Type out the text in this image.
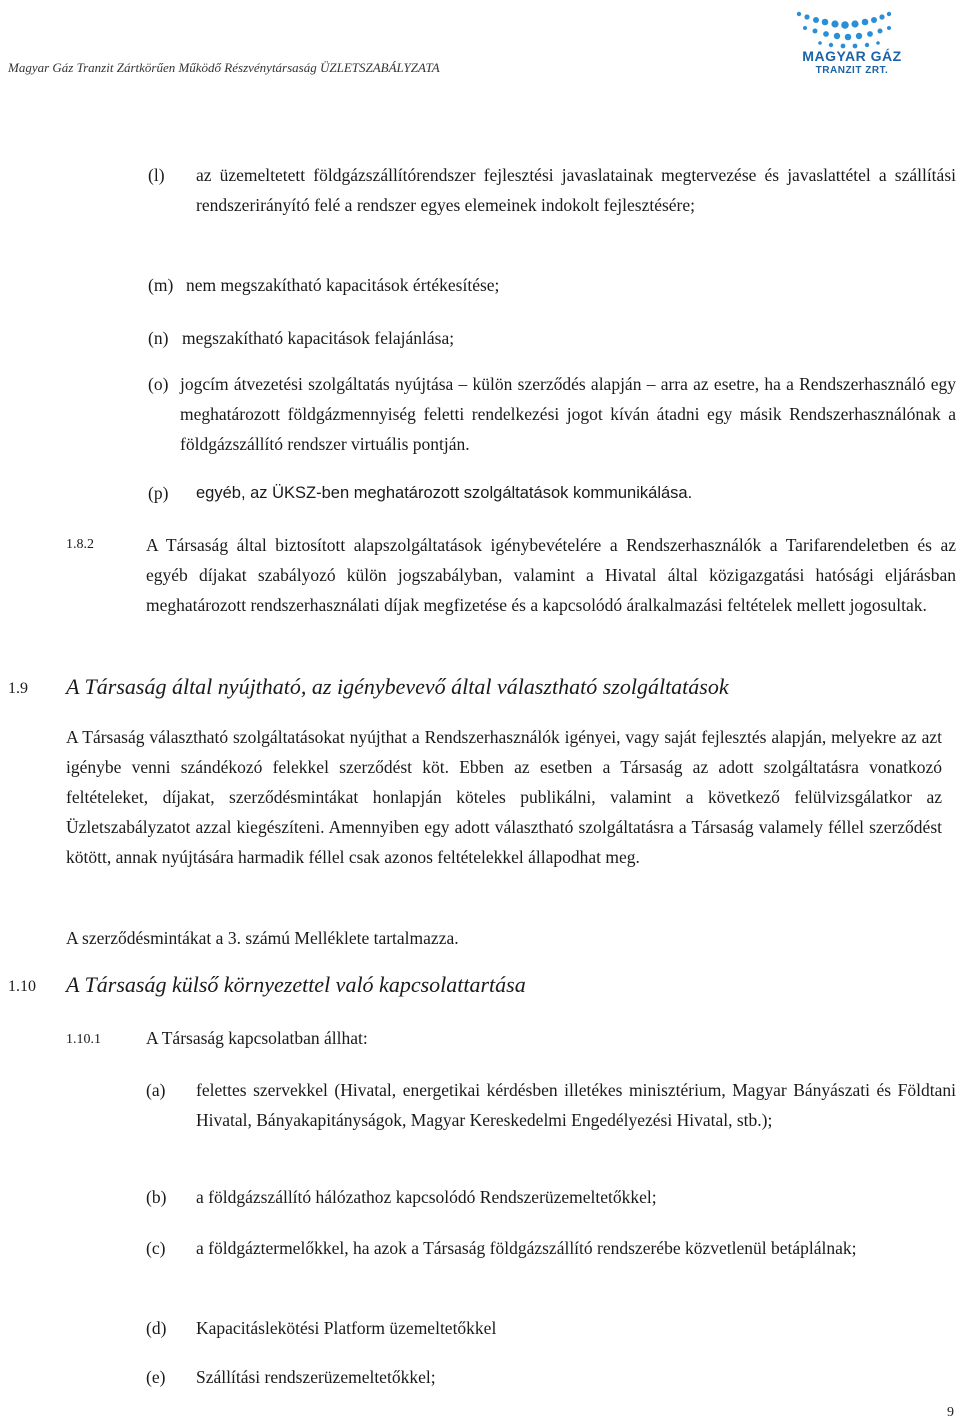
Magyar Gáz Tranzit Zártkörűen Működő Részvénytársaság ÜZLETSZABÁLYZATA
MAGYAR GÁZ
TRANZIT ZRT.
(l) az üzemeltetett földgázszállítórendszer fejlesztési javaslatainak megtervezése és javaslattétel a szállítási rendszerirányító felé a rendszer egyes elemeinek indokolt fejlesztésére;

(m) nem megszakítható kapacitások értékesítése;

(n) megszakítható kapacitások felajánlása;

(o) jogcím átvezetési szolgáltatás nyújtása – külön szerződés alapján – arra az esetre, ha a Rendszerhasználó egy meghatározott földgázmennyiség feletti rendelkezési jogot kíván átadni egy másik Rendszerhasználónak a földgázszállító rendszer virtuális pontján.

(p) egyéb, az ÜKSZ-ben meghatározott szolgáltatások kommunikálása.

1.8.2	A Társaság által biztosított alapszolgáltatások igénybevételére a Rendszerhasználók a Tarifarendeletben és az egyéb díjakat szabályozó külön jogszabályban, valamint a Hivatal által közigazgatási hatósági eljárásban meghatározott rendszerhasználati díjak megfizetése és a kapcsolódó áralkalmazási feltételek mellett jogosultak.

1.9 A Társaság által nyújtható, az igénybevevő által választható szolgáltatások

A Társaság választható szolgáltatásokat nyújthat a Rendszerhasználók igényei, vagy saját fejlesztés alapján, melyekre az azt igénybe venni szándékozó felekkel szerződést köt. Ebben az esetben a Társaság az adott szolgáltatásra vonatkozó feltételeket, díjakat, szerződésmintákat honlapján köteles publikálni, valamint a következő felülvizsgálatkor az Üzletszabályzatot azzal kiegészíteni. Amennyiben egy adott választható szolgáltatásra a Társaság valamely féllel szerződést kötött, annak nyújtására harmadik féllel csak azonos feltételekkel állapodhat meg.

A szerződésmintákat a 3. számú Melléklete tartalmazza.

1.10 A Társaság külső környezettel való kapcsolattartása
1.10.1	A Társaság kapcsolatban állhat:

(a) felettes szervekkel (Hivatal, energetikai kérdésben illetékes minisztérium, Magyar Bányászati és Földtani Hivatal, Bányakapitányságok, Magyar Kereskedelmi Engedélyezési Hivatal, stb.);

(b) a földgázszállító hálózathoz kapcsolódó Rendszerüzemeltetőkkel;

(c) a földgáztermelőkkel, ha azok a Társaság földgázszállító rendszerébe közvetlenül betáplálnak;

(d) Kapacitáslekötési Platform üzemeltetőkkel

(e) Szállítási rendszerüzemeltetőkkel;

9
